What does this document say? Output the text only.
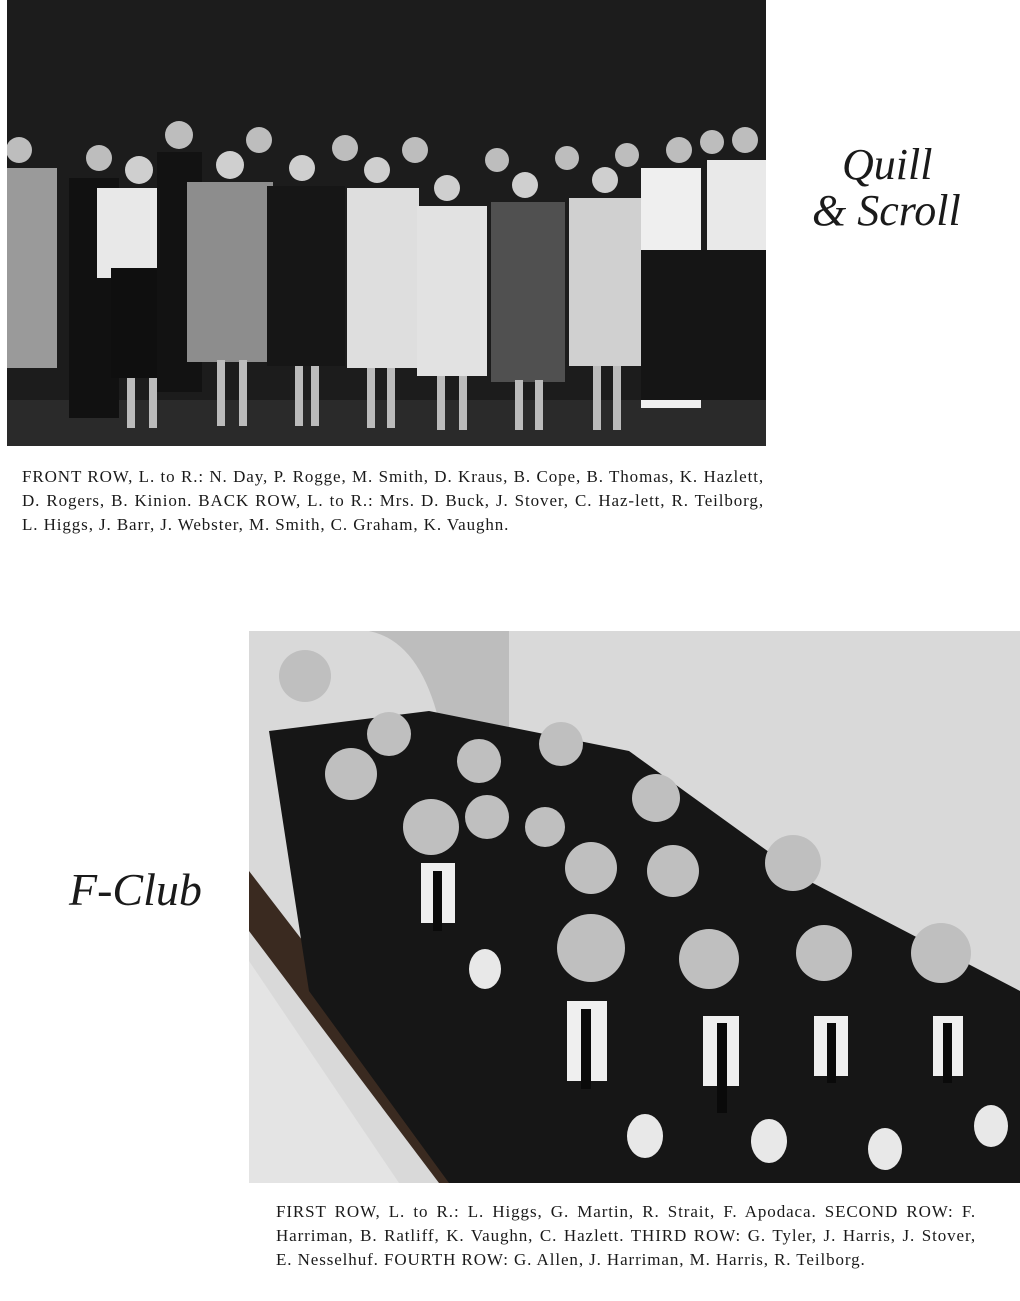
Quill
& Scroll

FRONT ROW, L. to R.: N. Day, P. Rogge, M. Smith, D. Kraus, B. Cope, B. Thomas, K. Hazlett, D. Rogers, B. Kinion. BACK ROW, L. to R.: Mrs. D. Buck, J. Stover, C. Haz-lett, R. Teilborg, L. Higgs, J. Barr, J. Webster, M. Smith, C. Graham, K. Vaughn.

F-Club

FIRST ROW, L. to R.: L. Higgs, G. Martin, R. Strait, F. Apodaca. SECOND ROW: F. Harriman, B. Ratliff, K. Vaughn, C. Hazlett. THIRD ROW: G. Tyler, J. Harris, J. Stover, E. Nesselhuf. FOURTH ROW: G. Allen, J. Harriman, M. Harris, R. Teilborg.
